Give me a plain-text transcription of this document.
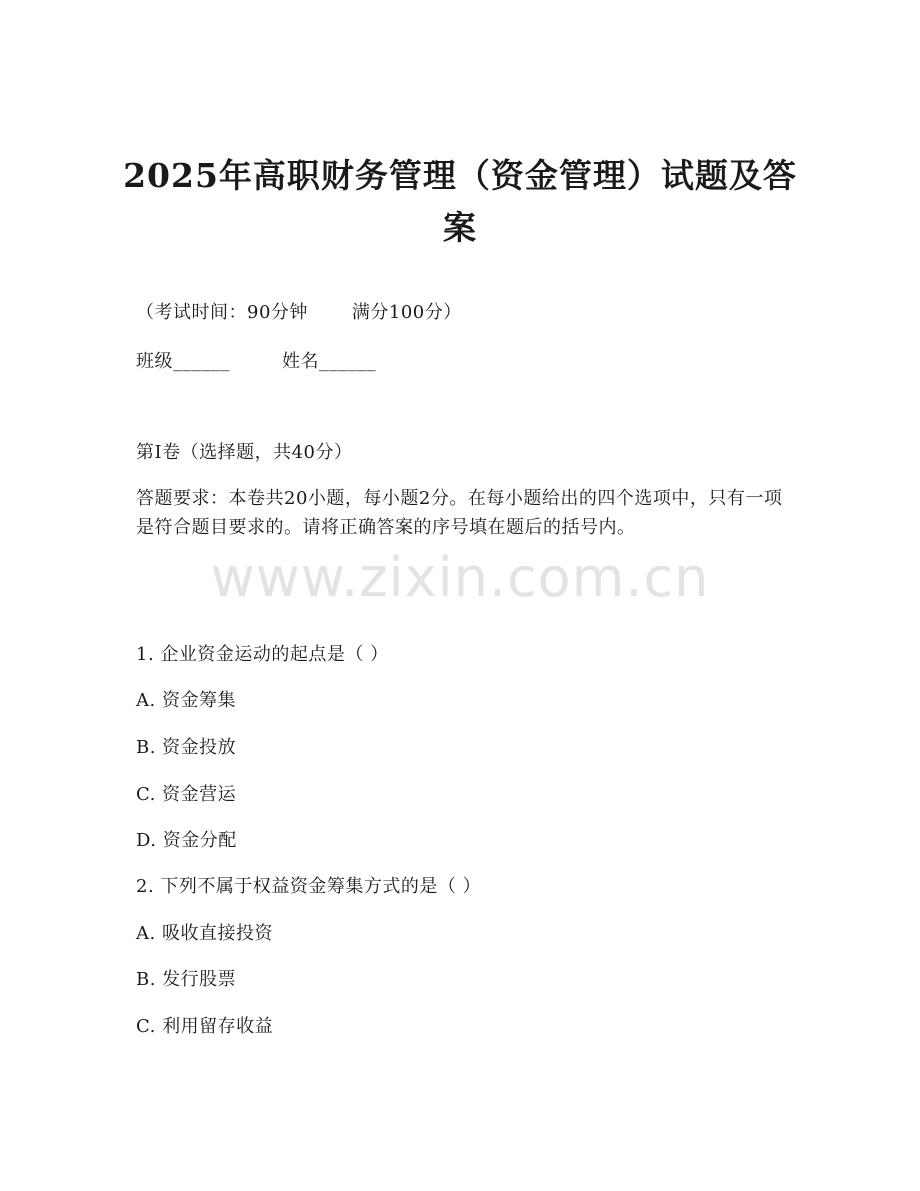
2025年高职财务管理（资金管理）试题及答案
（考试时间：90分钟 满分100分）
班级______	姓名______
第I卷（选择题，共40分）
答题要求：本卷共20小题，每小题2分。在每小题给出的四个选项中，只有一项是符合题目要求的。请将正确答案的序号填在题后的括号内。
www.zixin.com.cn
1. 企业资金运动的起点是（ ）
A. 资金筹集
B. 资金投放
C. 资金营运
D. 资金分配
2. 下列不属于权益资金筹集方式的是（ ）
A. 吸收直接投资
B. 发行股票
C. 利用留存收益
